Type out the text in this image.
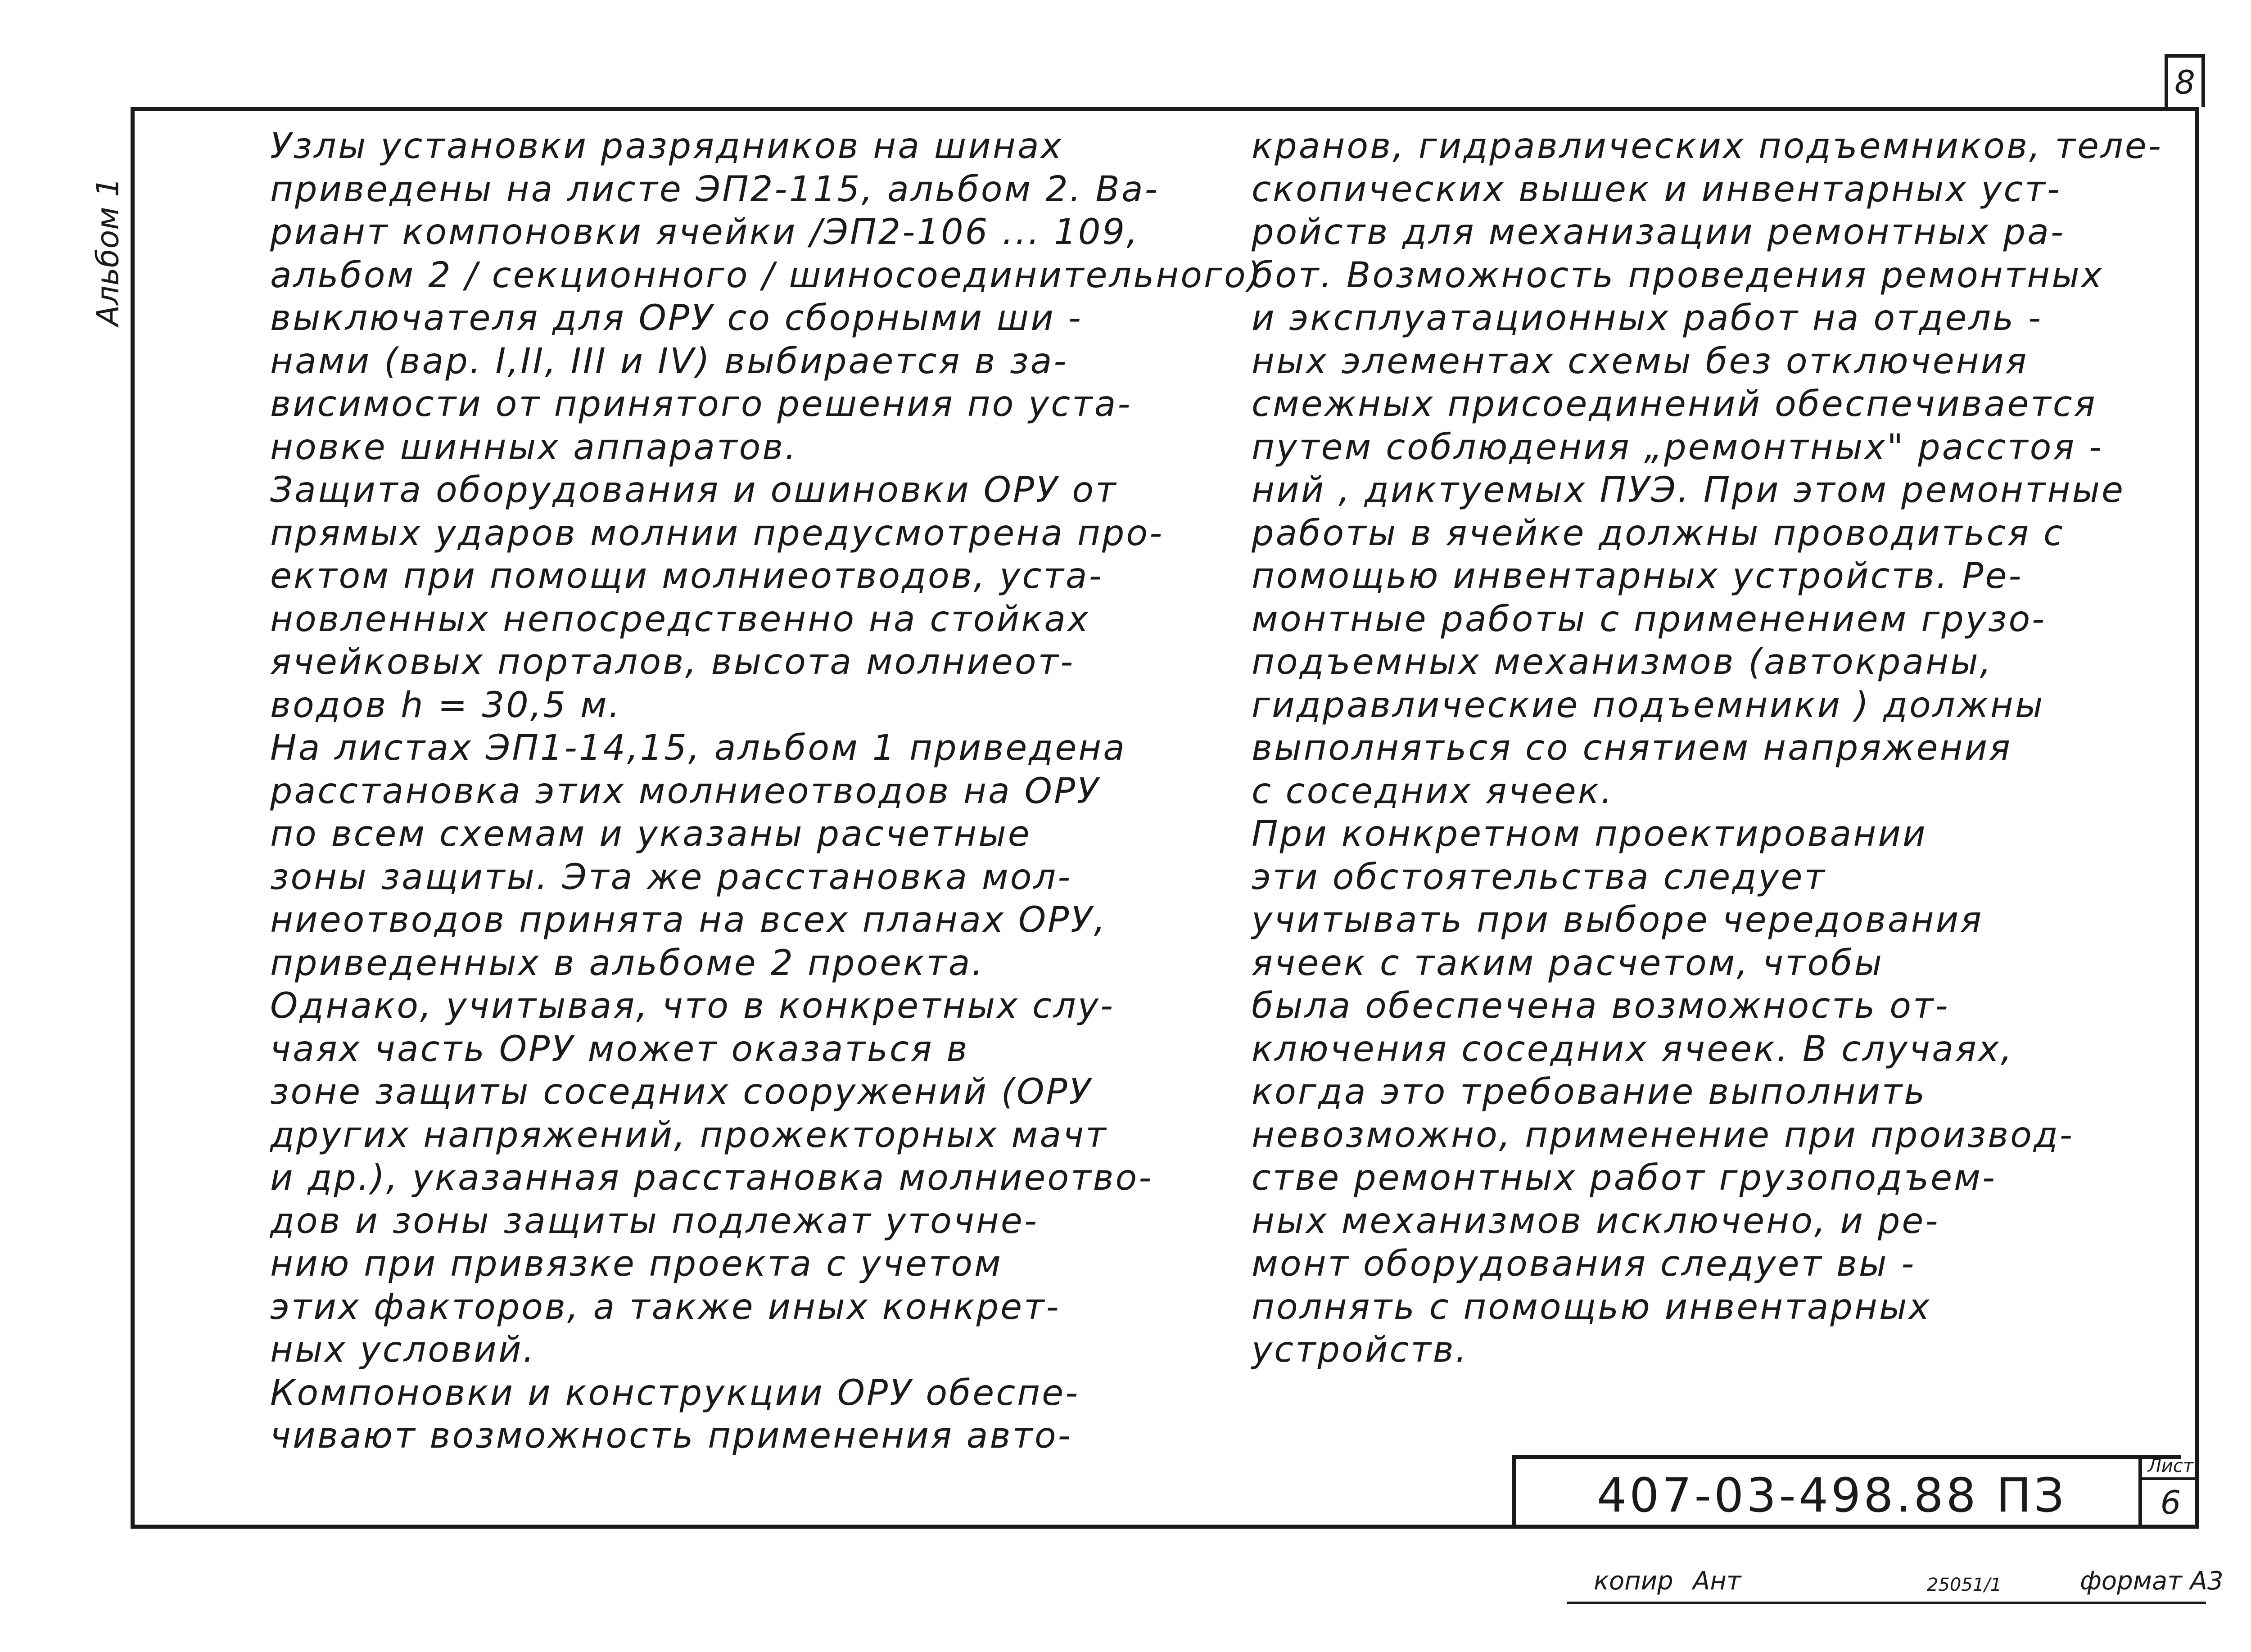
8
Альбом 1
Узлы установки разрядников на шинах
приведены на листе ЭП2-115, альбом 2. Ва-
риант компоновки ячейки /ЭП2-106 ... 109,
альбом 2 / секционного / шиносоединительного)
выключателя для ОРУ со сборными ши -
нами (вар. I,II, III и IV) выбирается в за-
висимости от принятого решения по уста-
новке шинных аппаратов.
Защита оборудования и ошиновки ОРУ от
прямых ударов молнии предусмотрена про-
ектом при помощи молниеотводов, уста-
новленных непосредственно на стойках
ячейковых порталов, высота молниеот-
водов h = 30,5 м.
На листах ЭП1-14,15, альбом 1 приведена
расстановка этих молниеотводов на ОРУ
по всем схемам и указаны расчетные
зоны защиты. Эта же расстановка мол-
ниеотводов принята на всех планах ОРУ,
приведенных в альбоме 2 проекта.
Однако, учитывая, что в конкретных слу-
чаях часть ОРУ может оказаться в
зоне защиты соседних сооружений (ОРУ
других напряжений, прожекторных мачт
и др.), указанная расстановка молниеотво-
дов и зоны защиты подлежат уточне-
нию при привязке проекта с учетом
этих факторов, а также иных конкрет-
ных условий.
Компоновки и конструкции ОРУ обеспе-
чивают возможность применения авто-
кранов, гидравлических подъемников, теле-
скопических вышек и инвентарных уст-
ройств для механизации ремонтных ра-
бот. Возможность проведения ремонтных
и эксплуатационных работ на отдель -
ных элементах схемы без отключения
смежных присоединений обеспечивается
путем соблюдения „ремонтных" расстоя -
ний , диктуемых ПУЭ. При этом ремонтные
работы в ячейке должны проводиться с
помощью инвентарных устройств. Ре-
монтные работы с применением грузо-
подъемных механизмов (автокраны,
гидравлические подъемники ) должны
выполняться со снятием напряжения
с соседних ячеек.
При конкретном проектировании
эти обстоятельства следует
учитывать при выборе чередования
ячеек с таким расчетом, чтобы
была обеспечена возможность от-
ключения соседних ячеек. В случаях,
когда это требование выполнить
невозможно, применение при производ-
стве ремонтных работ грузоподъем-
ных механизмов исключено, и ре-
монт оборудования следует вы -
полнять с помощью инвентарных
устройств.
407-03-498.88 ПЗ
Лист
6
копир Ант	25051/1	формат А3
